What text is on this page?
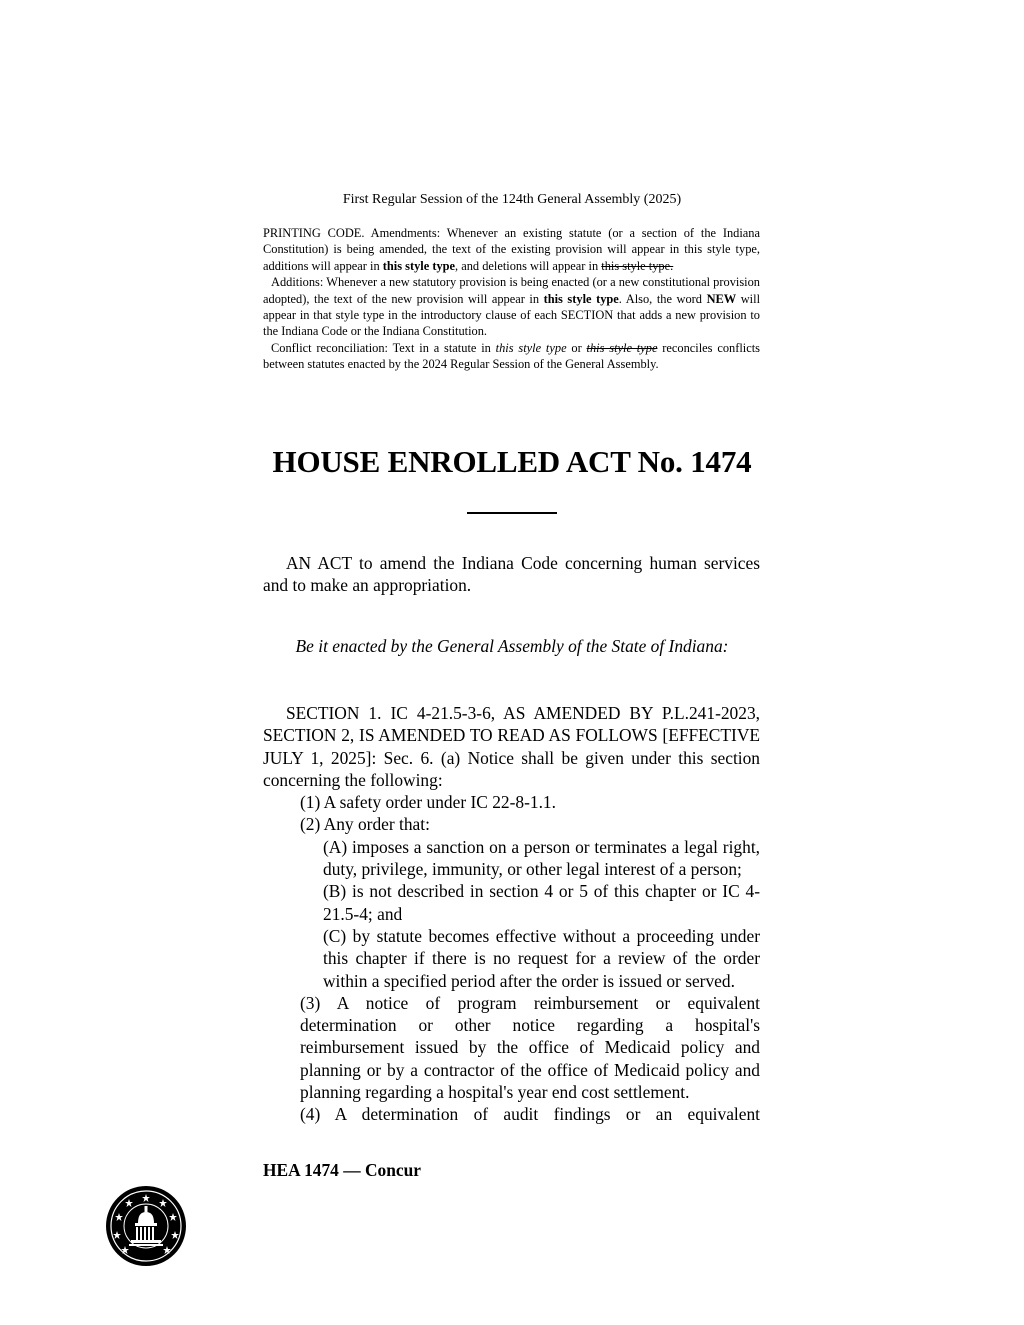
First Regular Session of the 124th General Assembly (2025)

PRINTING CODE. Amendments: Whenever an existing statute (or a section of the Indiana Constitution) is being amended, the text of the existing provision will appear in this style type, additions will appear in this style type, and deletions will appear in this style type.

Additions: Whenever a new statutory provision is being enacted (or a new constitutional provision adopted), the text of the new provision will appear in this style type. Also, the word NEW will appear in that style type in the introductory clause of each SECTION that adds a new provision to the Indiana Code or the Indiana Constitution.

Conflict reconciliation: Text in a statute in this style type or this style type reconciles conflicts between statutes enacted by the 2024 Regular Session of the General Assembly.

HOUSE ENROLLED ACT No. 1474
AN ACT to amend the Indiana Code concerning human services and to make an appropriation.
Be it enacted by the General Assembly of the State of Indiana:

SECTION 1. IC 4-21.5-3-6, AS AMENDED BY P.L.241-2023, SECTION 2, IS AMENDED TO READ AS FOLLOWS [EFFECTIVE JULY 1, 2025]: Sec. 6. (a) Notice shall be given under this section concerning the following:

(1) A safety order under IC 22-8-1.1.

(2) Any order that:

(A) imposes a sanction on a person or terminates a legal right, duty, privilege, immunity, or other legal interest of a person;

(B) is not described in section 4 or 5 of this chapter or IC 4-21.5-4; and

(C) by statute becomes effective without a proceeding under this chapter if there is no request for a review of the order within a specified period after the order is issued or served.

(3) A notice of program reimbursement or equivalent determination or other notice regarding a hospital's reimbursement issued by the office of Medicaid policy and planning or by a contractor of the office of Medicaid policy and planning regarding a hospital's year end cost settlement.

(4) A determination of audit findings or an equivalent

HEA 1474 — Concur
